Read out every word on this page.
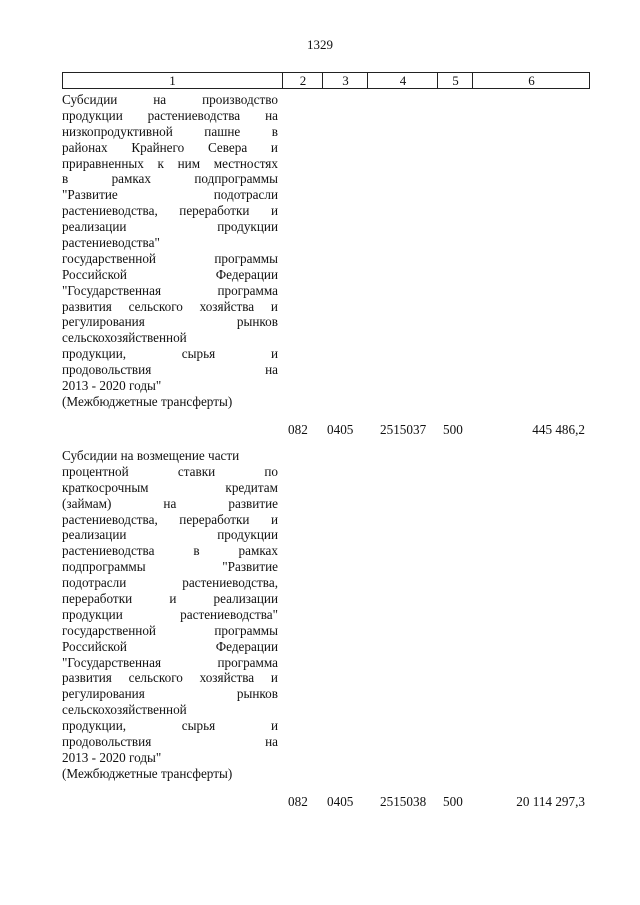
1329
1	2	3	4	5	6
Субсидии	на	производство
продукции растениеводства на
низкопродуктивной пашне в
районах Крайнего Севера и
приравненных к ним местностях
в	рамках	подпрограммы
"Развитие	подотрасли
растениеводства, переработки и
реализации	продукции
растениеводства"
государственной	программы
Российской	Федерации
"Государственная	программа
развития сельского хозяйства и
регулирования	рынков
сельскохозяйственной
продукции,	сырья	и
продовольствия	на
2013 - 2020 годы"
(Межбюджетные трансферты)
082 0405 2515037 500	445 486,2
Субсидии на возмещение части
процентной	ставки	по
краткосрочным	кредитам
(займам)	на	развитие
растениеводства, переработки и
реализации	продукции
растениеводства	в	рамках
подпрограммы	"Развитие
подотрасли	растениеводства,
переработки	и	реализации
продукции	растениеводства"
государственной	программы
Российской	Федерации
"Государственная	программа
развития сельского хозяйства и
регулирования	рынков
сельскохозяйственной
продукции,	сырья	и
продовольствия	на
2013 - 2020 годы"
(Межбюджетные трансферты)
082 0405 2515038 500	20 114 297,3
